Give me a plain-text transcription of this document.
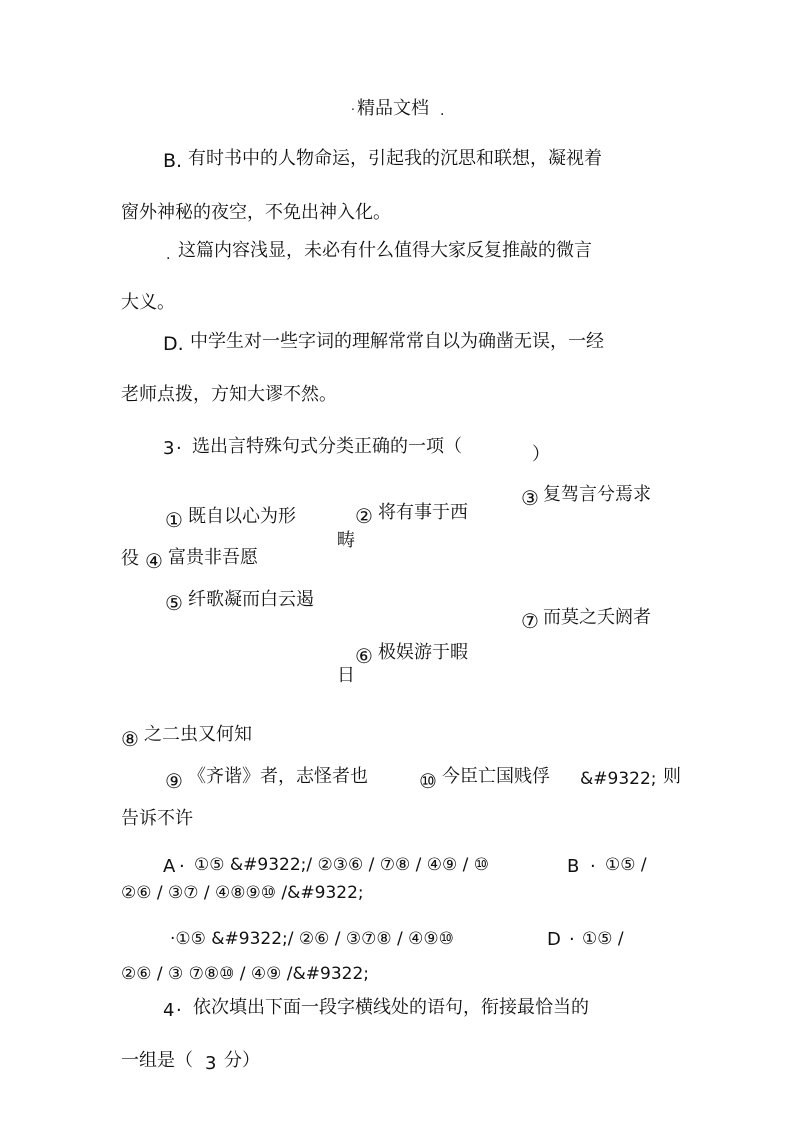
. 精品文档 .
B. 有时书中的人物命运，引起我的沉思和联想，凝视着
窗外神秘的夜空，不免出神入化。
. 这篇内容浅显，未必有什么值得大家反复推敲的微言
大义。
D. 中学生对一些字词的理解常常自以为确凿无误，一经
老师点拨，方知大谬不然。
3 · 选出言特殊句式分类正确的一项（	）
③ 复驾言兮焉求
① 既自以心为形	② 将有事于西
畴
役 ④ 富贵非吾愿
⑤ 纤歌凝而白云遏
⑦ 而莫之夭阏者
⑥ 极娱游于暇
日
⑧ 之二虫又何知
⑨ 《齐谐》者，志怪者也	⑩ 今臣亡国贱俘 &#9322; 则
告诉不许
A · ①⑤ &#9322;/ ②③⑥ / ⑦⑧ / ④⑨ / ⑩	B · ①⑤ /
②⑥ / ③⑦ / ④⑧⑨⑩ /&#9322;
·①⑤ &#9322;/ ②⑥ / ③⑦⑧ / ④⑨⑩	D · ①⑤ /
②⑥ / ③ ⑦⑧⑩ / ④⑨ /&#9322;
4 · 依次填出下面一段字横线处的语句，衔接最恰当的
一组是（ 3 分）
